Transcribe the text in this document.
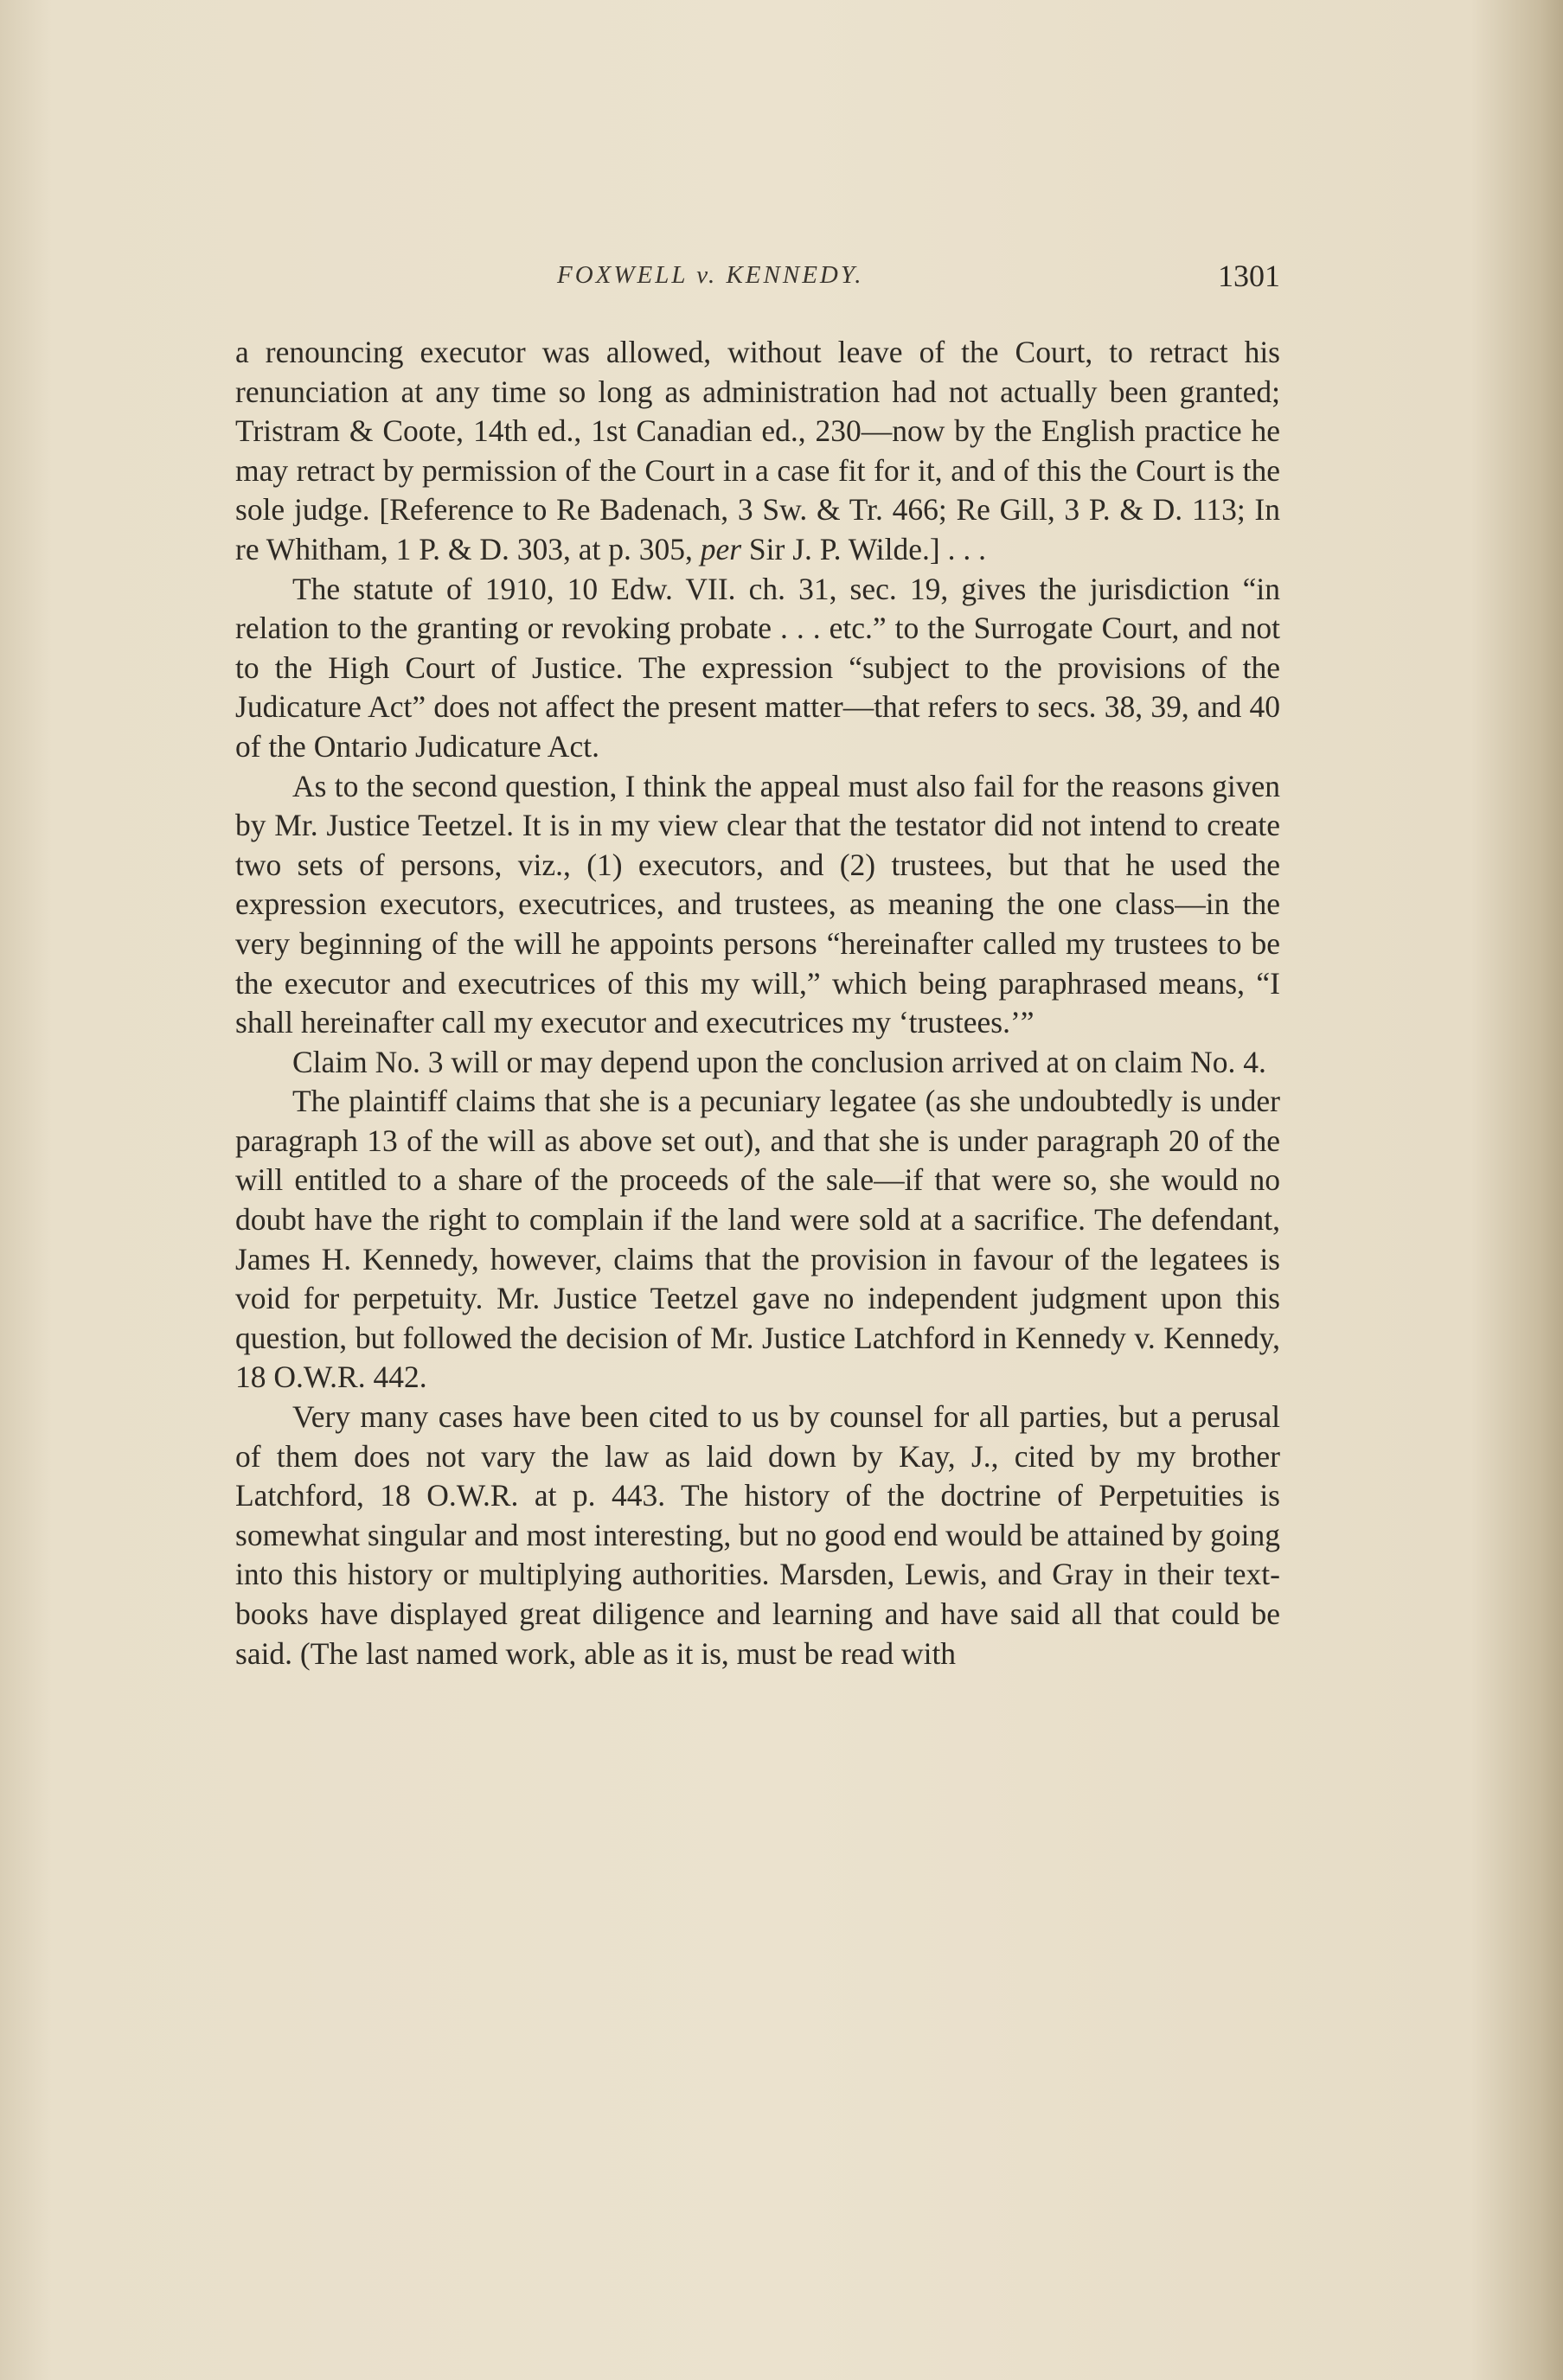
FOXWELL v. KENNEDY.	1301

a renouncing executor was allowed, without leave of the Court, to retract his renunciation at any time so long as administration had not actually been granted; Tristram & Coote, 14th ed., 1st Canadian ed., 230—now by the English practice he may retract by permission of the Court in a case fit for it, and of this the Court is the sole judge. [Reference to Re Badenach, 3 Sw. & Tr. 466; Re Gill, 3 P. & D. 113; In re Whitham, 1 P. & D. 303, at p. 305, per Sir J. P. Wilde.] . . .

The statute of 1910, 10 Edw. VII. ch. 31, sec. 19, gives the jurisdiction “in relation to the granting or revoking probate . . . etc.” to the Surrogate Court, and not to the High Court of Justice. The expression “subject to the provisions of the Judicature Act” does not affect the present matter—that refers to secs. 38, 39, and 40 of the Ontario Judicature Act.

As to the second question, I think the appeal must also fail for the reasons given by Mr. Justice Teetzel. It is in my view clear that the testator did not intend to create two sets of persons, viz., (1) executors, and (2) trustees, but that he used the expression executors, executrices, and trustees, as meaning the one class—in the very beginning of the will he appoints persons “hereinafter called my trustees to be the executor and executrices of this my will,” which being paraphrased means, “I shall hereinafter call my executor and executrices my ‘trustees.’”

Claim No. 3 will or may depend upon the conclusion arrived at on claim No. 4.

The plaintiff claims that she is a pecuniary legatee (as she undoubtedly is under paragraph 13 of the will as above set out), and that she is under paragraph 20 of the will entitled to a share of the proceeds of the sale—if that were so, she would no doubt have the right to complain if the land were sold at a sacrifice. The defendant, James H. Kennedy, however, claims that the provision in favour of the legatees is void for perpetuity. Mr. Justice Teetzel gave no independent judgment upon this question, but followed the decision of Mr. Justice Latchford in Kennedy v. Kennedy, 18 O.W.R. 442.

Very many cases have been cited to us by counsel for all parties, but a perusal of them does not vary the law as laid down by Kay, J., cited by my brother Latchford, 18 O.W.R. at p. 443. The history of the doctrine of Perpetuities is somewhat singular and most interesting, but no good end would be attained by going into this history or multiplying authorities. Marsden, Lewis, and Gray in their text-books have displayed great diligence and learning and have said all that could be said. (The last named work, able as it is, must be read with
